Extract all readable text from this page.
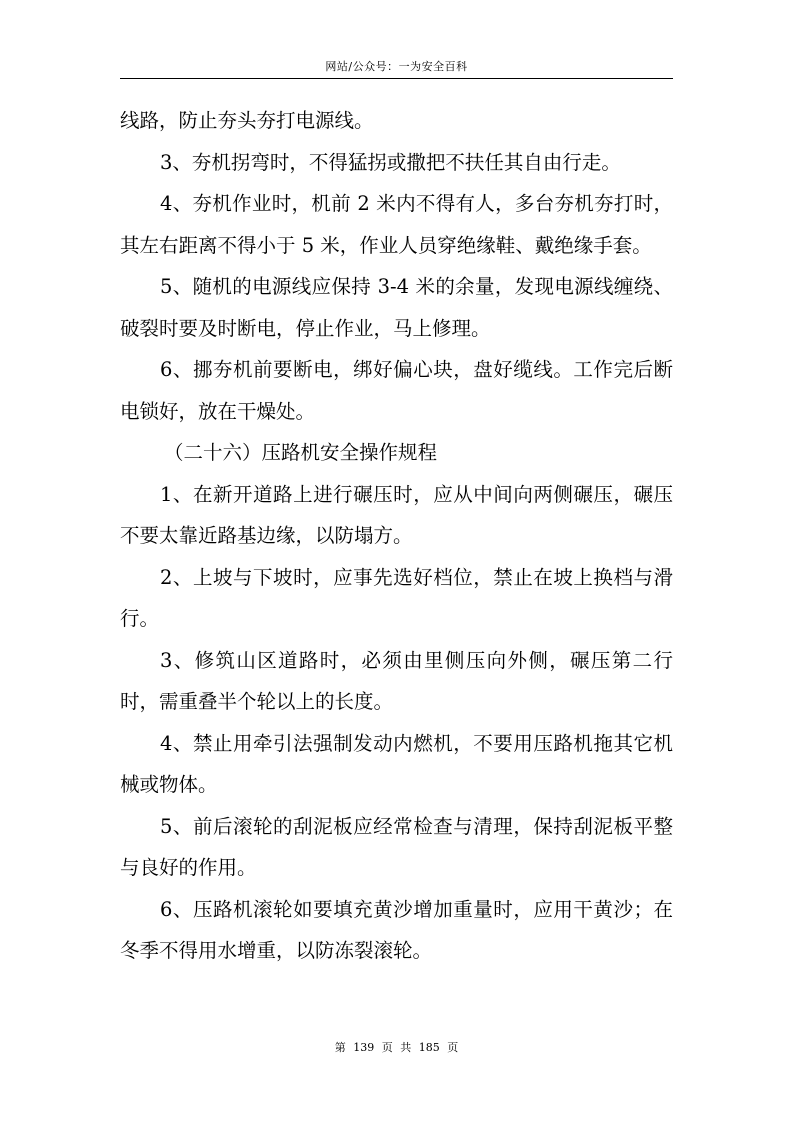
网站/公众号：一为安全百科

线路，防止夯头夯打电源线。

3、夯机拐弯时，不得猛拐或撒把不扶任其自由行走。

4、夯机作业时，机前 2 米内不得有人，多台夯机夯打时，其左右距离不得小于 5 米，作业人员穿绝缘鞋、戴绝缘手套。

5、随机的电源线应保持 3-4 米的余量，发现电源线缠绕、破裂时要及时断电，停止作业，马上修理。

6、挪夯机前要断电，绑好偏心块，盘好缆线。工作完后断电锁好，放在干燥处。

（二十六）压路机安全操作规程

1、在新开道路上进行碾压时，应从中间向两侧碾压，碾压不要太靠近路基边缘，以防塌方。

2、上坡与下坡时，应事先选好档位，禁止在坡上换档与滑行。

3、修筑山区道路时，必须由里侧压向外侧，碾压第二行时，需重叠半个轮以上的长度。

4、禁止用牵引法强制发动内燃机，不要用压路机拖其它机械或物体。

5、前后滚轮的刮泥板应经常检查与清理，保持刮泥板平整与良好的作用。

6、压路机滚轮如要填充黄沙增加重量时，应用干黄沙；在冬季不得用水增重，以防冻裂滚轮。

第 139 页 共 185 页
